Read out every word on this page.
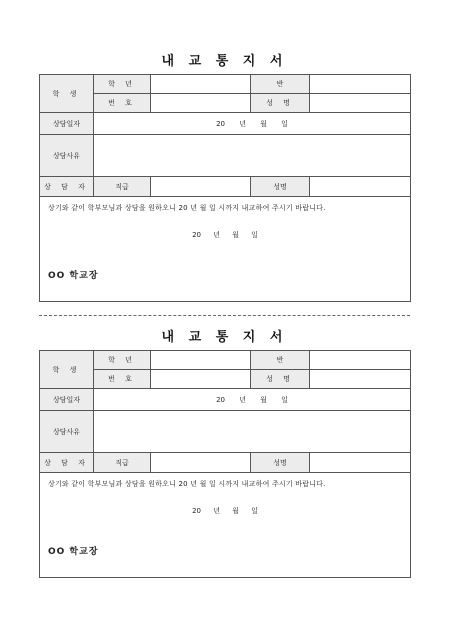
내 교 통 지 서
학 생	학 년		반	
	번 호		성 명	
상담일자	20 년 월 일			
상담사유				
상 담 자	직급		성명	

상기와 같이 학부모님과 상담을 원하오니 20 년 월 일 시까지 내교하여 주시기 바랍니다.
20 년 월 일
OO 학교장				
내 교 통 지 서
학 생	학 년		반	
	번 호		성 명	
상담일자	20 년 월 일			
상담사유				
상 담 자	직급		성명	

상기와 같이 학부모님과 상담을 원하오니 20 년 월 일 시까지 내교하여 주시기 바랍니다.
20 년 월 일
OO 학교장				
